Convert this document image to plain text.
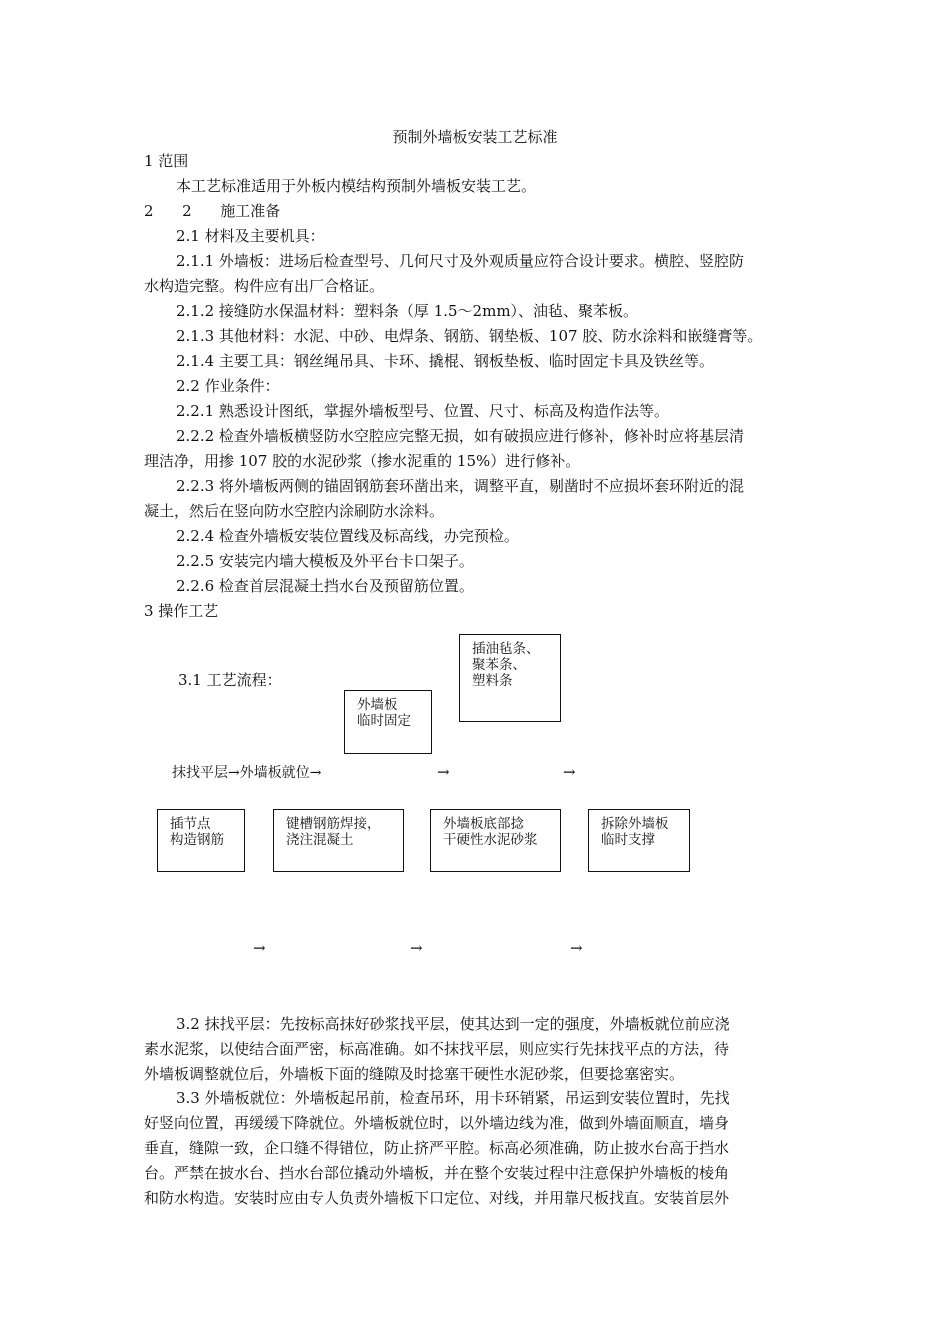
预制外墙板安装工艺标准
1 范围
本工艺标准适用于外板内模结构预制外墙板安装工艺。
2      2      施工准备
2.1 材料及主要机具：
2.1.1 外墙板：进场后检查型号、几何尺寸及外观质量应符合设计要求。横腔、竖腔防
水构造完整。构件应有出厂合格证。
2.1.2 接缝防水保温材料：塑料条（厚 1.5～2mm）、油毡、聚苯板。
2.1.3 其他材料：水泥、中砂、电焊条、钢筋、钢垫板、107 胶、防水涂料和嵌缝膏等。
2.1.4 主要工具：钢丝绳吊具、卡环、撬棍、钢板垫板、临时固定卡具及铁丝等。
2.2 作业条件：
2.2.1 熟悉设计图纸，掌握外墙板型号、位置、尺寸、标高及构造作法等。
2.2.2 检查外墙板横竖防水空腔应完整无损，如有破损应进行修补，修补时应将基层清
理洁净，用掺 107 胶的水泥砂浆（掺水泥重的 15%）进行修补。
2.2.3 将外墙板两侧的锚固钢筋套环凿出来，调整平直，剔凿时不应损坏套环附近的混
凝土，然后在竖向防水空腔内涂刷防水涂料。
2.2.4 检查外墙板安装位置线及标高线，办完预检。
2.2.5 安装完内墙大模板及外平台卡口架子。
2.2.6 检查首层混凝土挡水台及预留筋位置。
3 操作工艺
3.1 工艺流程：
插油毡条、
聚苯条、
塑料条
外墙板
临时固定
抹找平层→外墙板就位→	→	→
插节点
构造钢筋
键槽钢筋焊接，
浇注混凝土
外墙板底部捻
干硬性水泥砂浆
拆除外墙板
临时支撑
→	→	→
3.2 抹找平层：先按标高抹好砂浆找平层，使其达到一定的强度，外墙板就位前应浇
素水泥浆，以使结合面严密，标高准确。如不抹找平层，则应实行先抹找平点的方法，待
外墙板调整就位后，外墙板下面的缝隙及时捻塞干硬性水泥砂浆，但要捻塞密实。
3.3 外墙板就位：外墙板起吊前，检查吊环，用卡环销紧，吊运到安装位置时，先找
好竖向位置，再缓缓下降就位。外墙板就位时，以外墙边线为准，做到外墙面顺直，墙身
垂直，缝隙一致，企口缝不得错位，防止挤严平腔。标高必须准确，防止披水台高于挡水
台。严禁在披水台、挡水台部位撬动外墙板，并在整个安装过程中注意保护外墙板的棱角
和防水构造。安装时应由专人负责外墙板下口定位、对线，并用靠尺板找直。安装首层外
